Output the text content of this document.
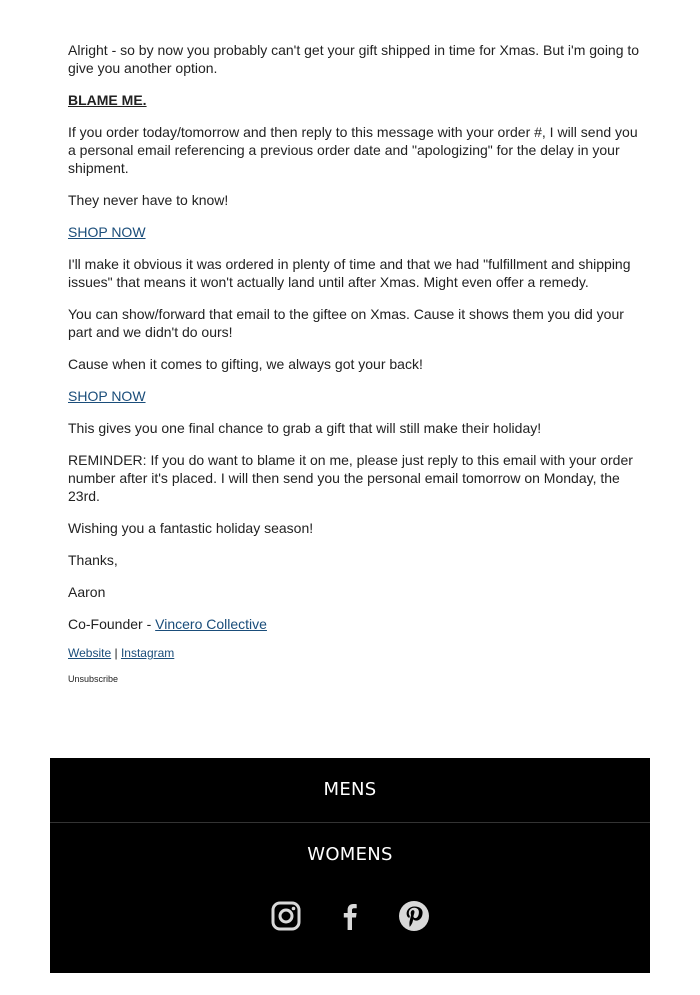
Alright - so by now you probably can't get your gift shipped in time for Xmas. But i'm going to give you another option.

BLAME ME.

If you order today/tomorrow and then reply to this message with your order #, I will send you a personal email referencing a previous order date and "apologizing" for the delay in your shipment.

They never have to know!

SHOP NOW

I'll make it obvious it was ordered in plenty of time and that we had "fulfillment and shipping issues" that means it won't actually land until after Xmas. Might even offer a remedy.

You can show/forward that email to the giftee on Xmas. Cause it shows them you did your part and we didn't do ours!

Cause when it comes to gifting, we always got your back!

SHOP NOW

This gives you one final chance to grab a gift that will still make their holiday!

REMINDER: If you do want to blame it on me, please just reply to this email with your order number after it's placed. I will then send you the personal email tomorrow on Monday, the 23rd.

Wishing you a fantastic holiday season!

Thanks,

Aaron

Co-Founder - Vincero Collective

Website | Instagram

Unsubscribe

MENS
WOMENS
